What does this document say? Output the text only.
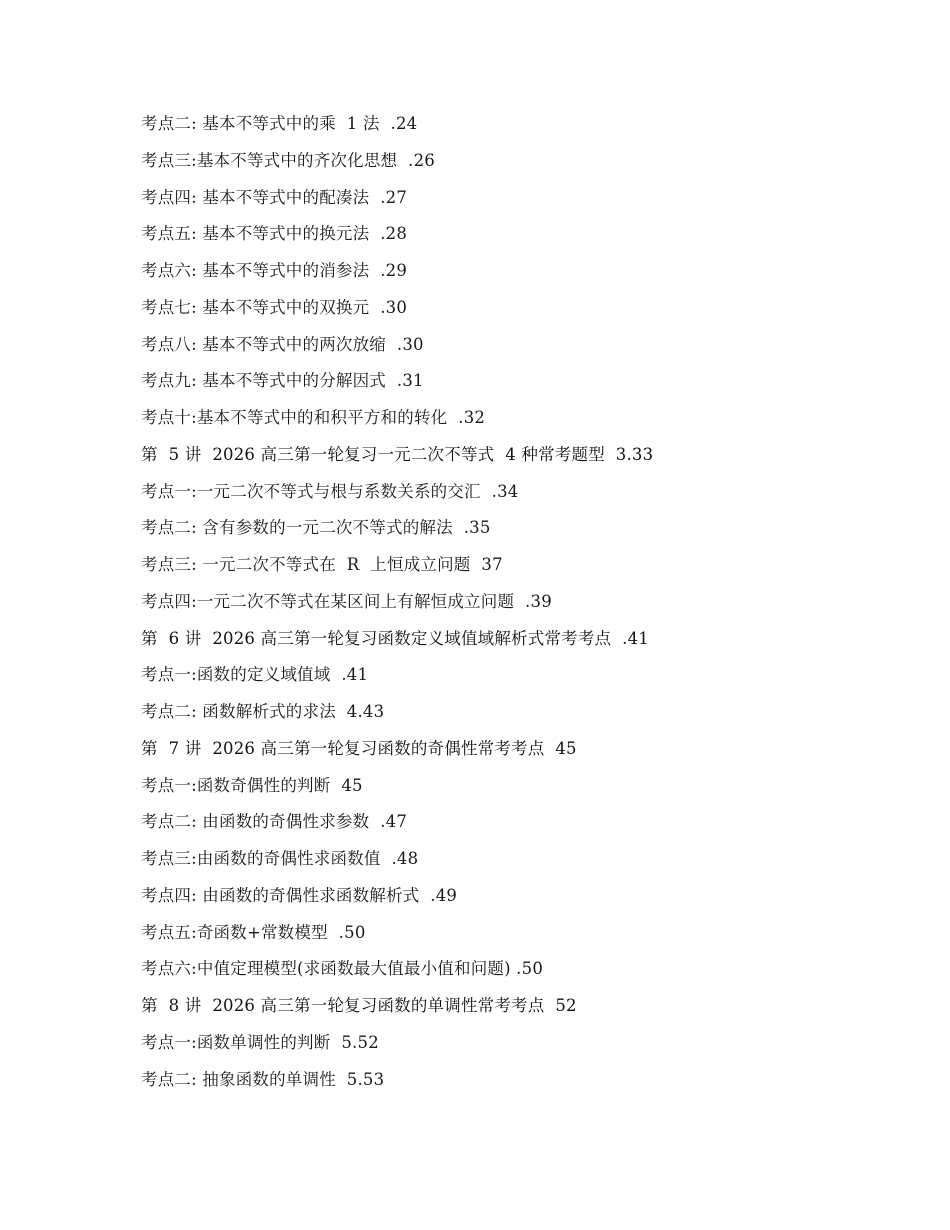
考点二: 基本不等式中的乘  1 法  .24
考点三:基本不等式中的齐次化思想  .26
考点四: 基本不等式中的配凑法  .27
考点五: 基本不等式中的换元法  .28
考点六: 基本不等式中的消参法  .29
考点七: 基本不等式中的双换元  .30
考点八: 基本不等式中的两次放缩  .30
考点九: 基本不等式中的分解因式  .31
考点十:基本不等式中的和积平方和的转化  .32
第  5 讲  2026 高三第一轮复习一元二次不等式  4 种常考题型  3.33
考点一:一元二次不等式与根与系数关系的交汇  .34
考点二: 含有参数的一元二次不等式的解法  .35
考点三: 一元二次不等式在  R  上恒成立问题  37
考点四:一元二次不等式在某区间上有解恒成立问题  .39
第  6 讲  2026 高三第一轮复习函数定义域值域解析式常考考点  .41
考点一:函数的定义域值域  .41
考点二: 函数解析式的求法  4.43
第  7 讲  2026 高三第一轮复习函数的奇偶性常考考点  45
考点一:函数奇偶性的判断  45
考点二: 由函数的奇偶性求参数  .47
考点三:由函数的奇偶性求函数值  .48
考点四: 由函数的奇偶性求函数解析式  .49
考点五:奇函数+常数模型  .50
考点六:中值定理模型(求函数最大值最小值和问题) .50
第  8 讲  2026 高三第一轮复习函数的单调性常考考点  52
考点一:函数单调性的判断  5.52
考点二: 抽象函数的单调性  5.53
